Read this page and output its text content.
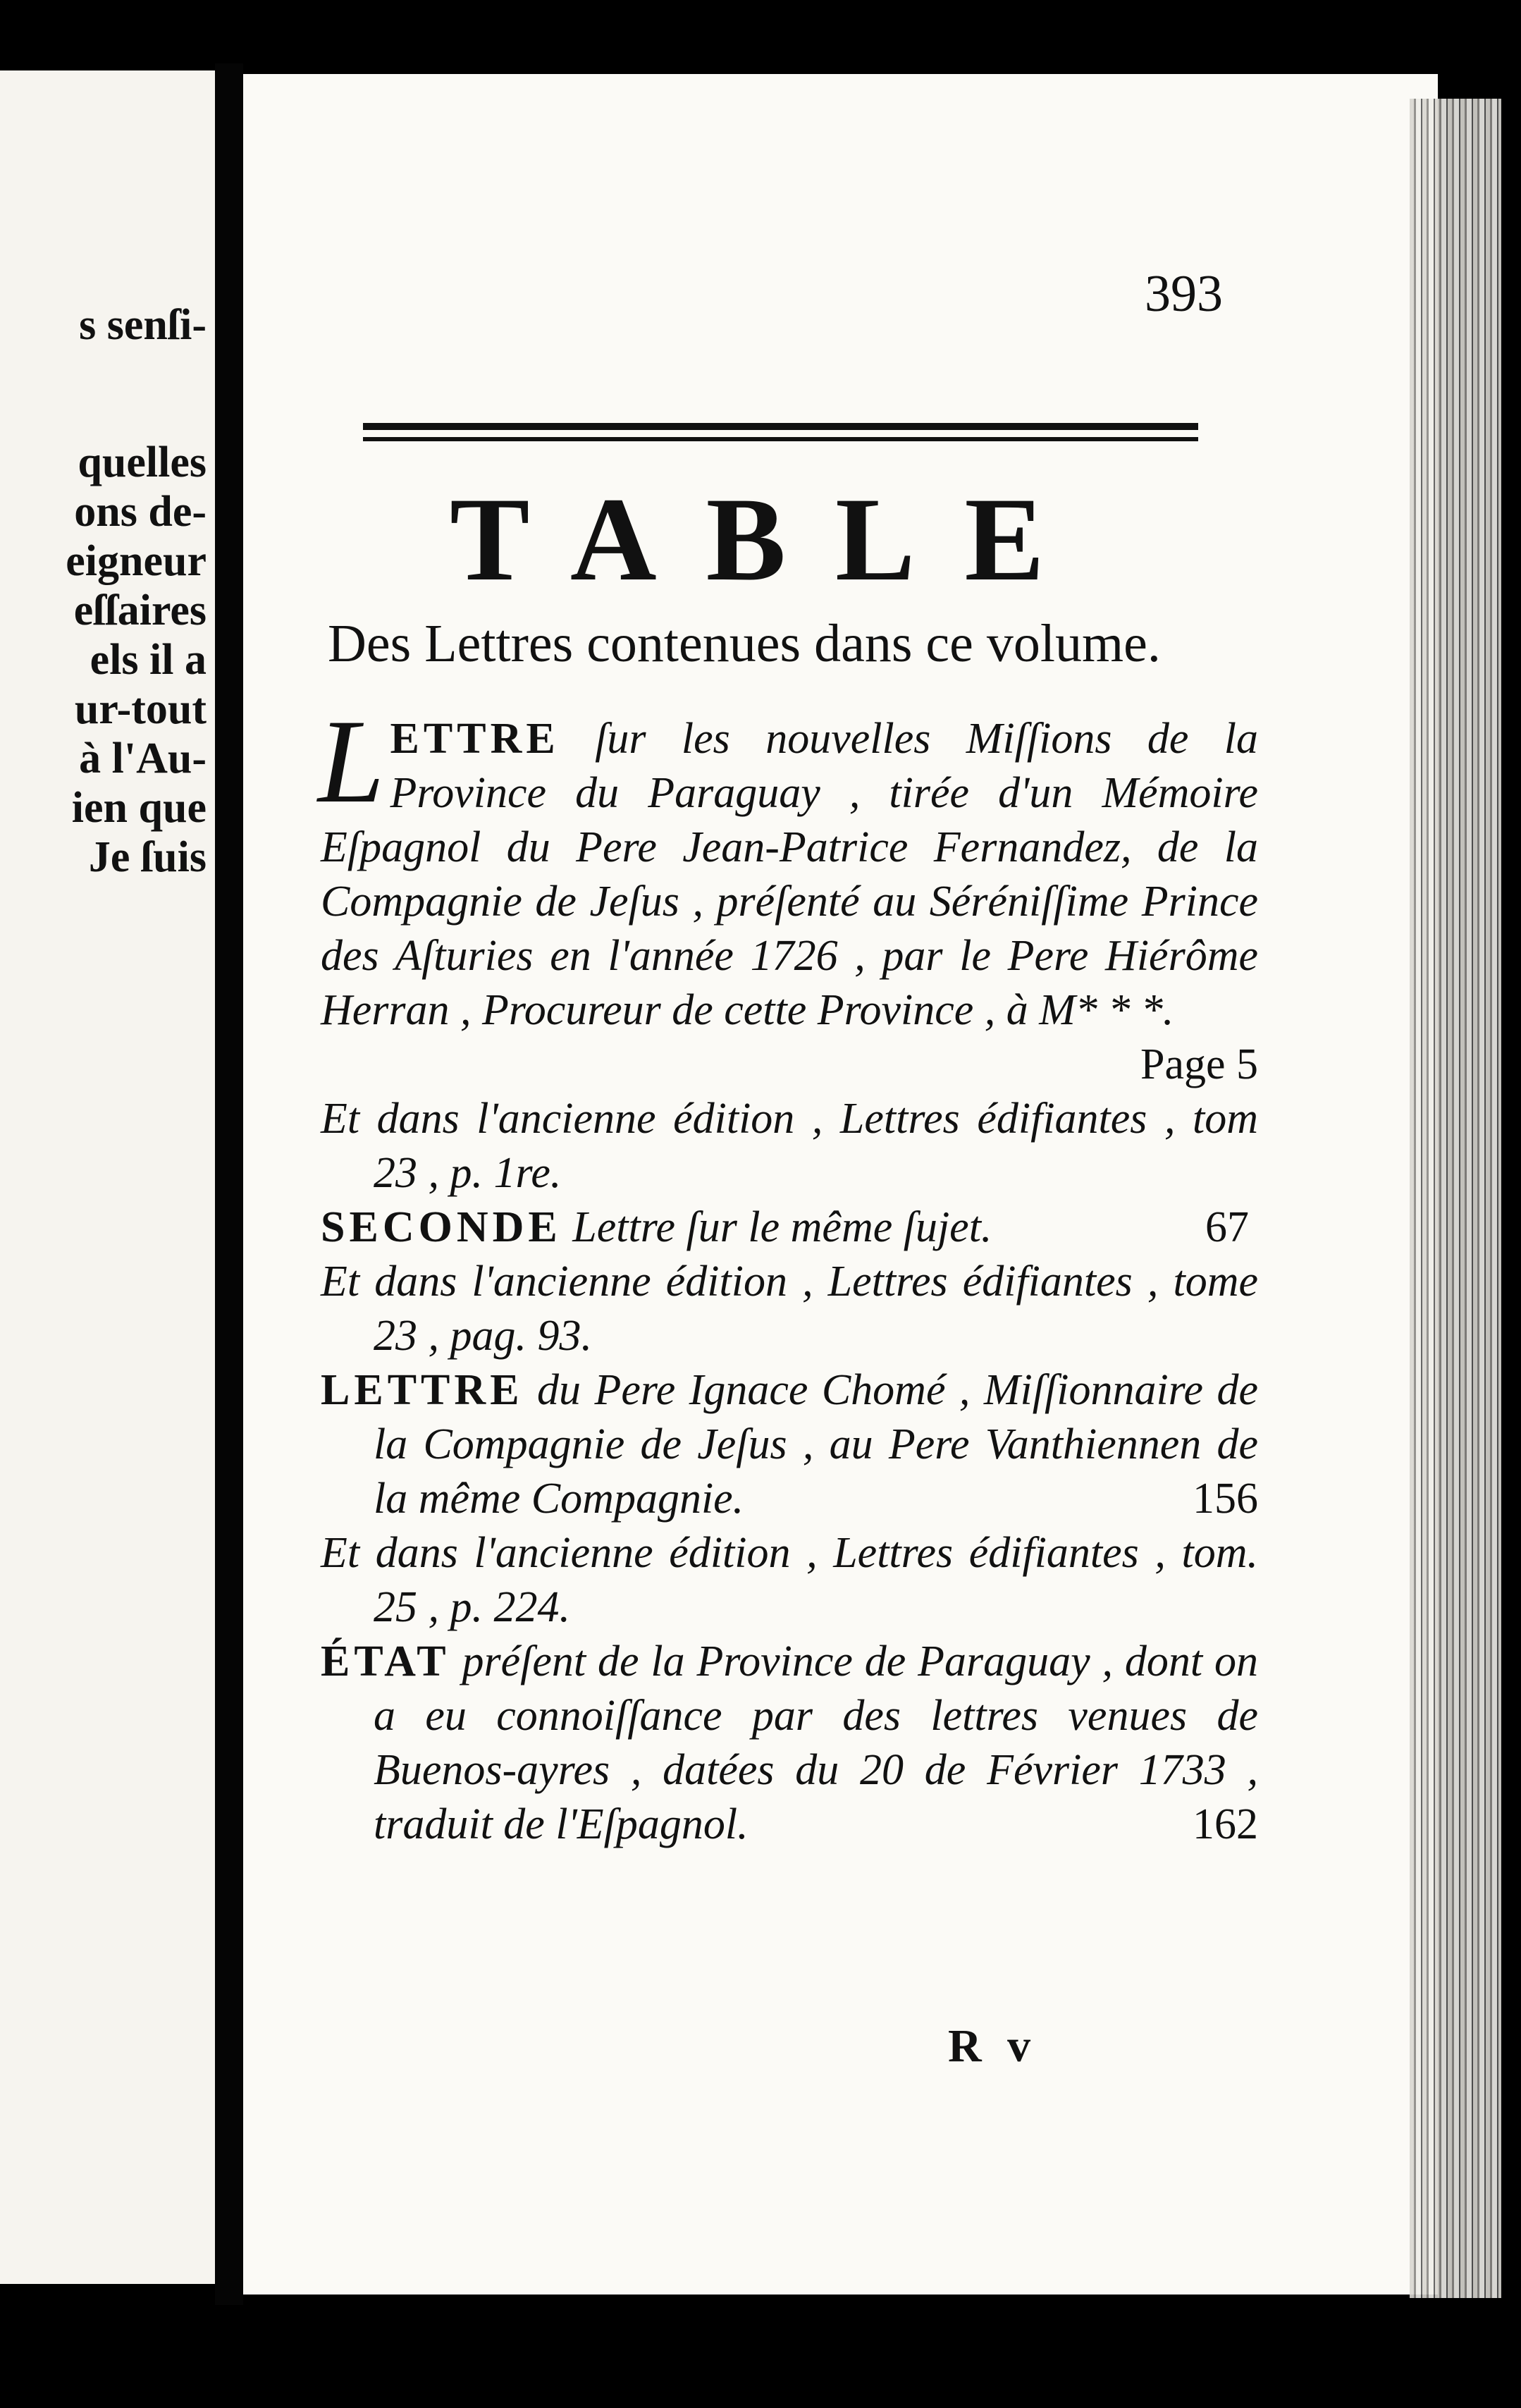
s senſi-
quelles
ons de-
eigneur
eſſaires
els il a
ur-tout
à l'Au-
ien que
Je ſuis
393
TABLE
Des Lettres contenues dans ce volume.

LETTRE ſur les nouvelles Miſſions de la Province du Paraguay , tirée d'un Mémoire Eſpagnol du Pere Jean-Patrice Fernandez, de la Compagnie de Jeſus , préſenté au Séréniſſime Prince des Aſturies en l'année 1726 , par le Pere Hiérôme Herran , Procureur de cette Province , à M* * *.
Page 5

Et dans l'ancienne édition , Lettres édifiantes , tom 23 , p. 1re.

SECONDE Lettre ſur le même ſujet.	67

Et dans l'ancienne édition , Lettres édifiantes , tome 23 , pag. 93.

LETTRE du Pere Ignace Chomé , Miſſionnaire de la Compagnie de Jeſus , au Pere Vanthiennen de la même Compagnie.	156

Et dans l'ancienne édition , Lettres édifiantes , tom. 25 , p. 224.

ÉTAT préſent de la Province de Paraguay , dont on a eu connoiſſance par des lettres venues de Buenos-ayres , datées du 20 de Février 1733 , traduit de l'Eſpagnol.	162

R v
